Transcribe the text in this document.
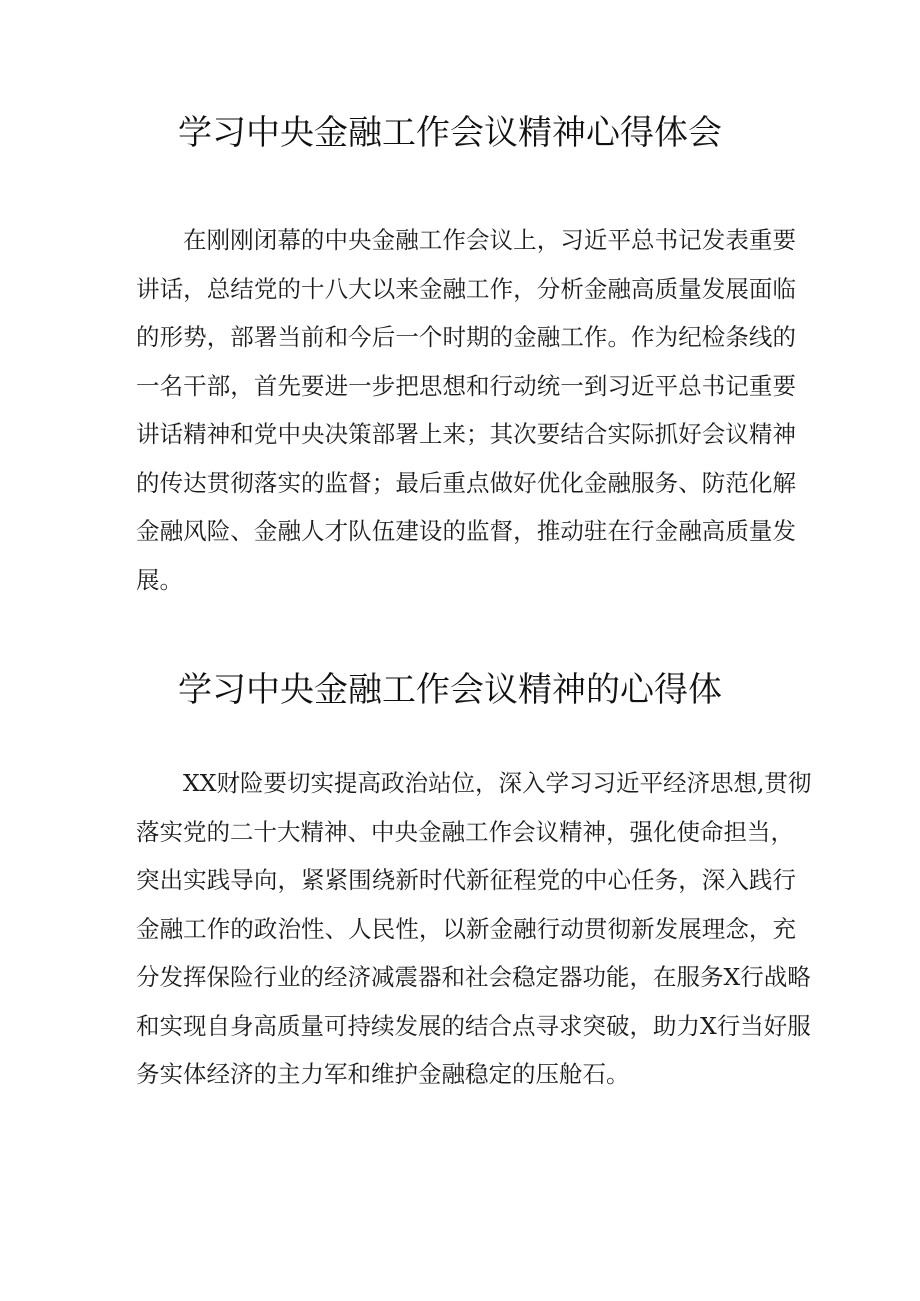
学习中央金融工作会议精神心得体会
在刚刚闭幕的中央金融工作会议上，习近平总书记发表重要
讲话，总结党的十八大以来金融工作，分析金融高质量发展面临
的形势，部署当前和今后一个时期的金融工作。作为纪检条线的
一名干部，首先要进一步把思想和行动统一到习近平总书记重要
讲话精神和党中央决策部署上来；其次要结合实际抓好会议精神
的传达贯彻落实的监督；最后重点做好优化金融服务、防范化解
金融风险、金融人才队伍建设的监督，推动驻在行金融高质量发
展。
学习中央金融工作会议精神的心得体
XX财险要切实提高政治站位，深入学习习近平经济思想,贯彻
落实党的二十大精神、中央金融工作会议精神，强化使命担当，
突出实践导向，紧紧围绕新时代新征程党的中心任务，深入践行
金融工作的政治性、人民性，以新金融行动贯彻新发展理念，充
分发挥保险行业的经济减震器和社会稳定器功能，在服务X行战略
和实现自身高质量可持续发展的结合点寻求突破，助力X行当好服
务实体经济的主力军和维护金融稳定的压舱石。
